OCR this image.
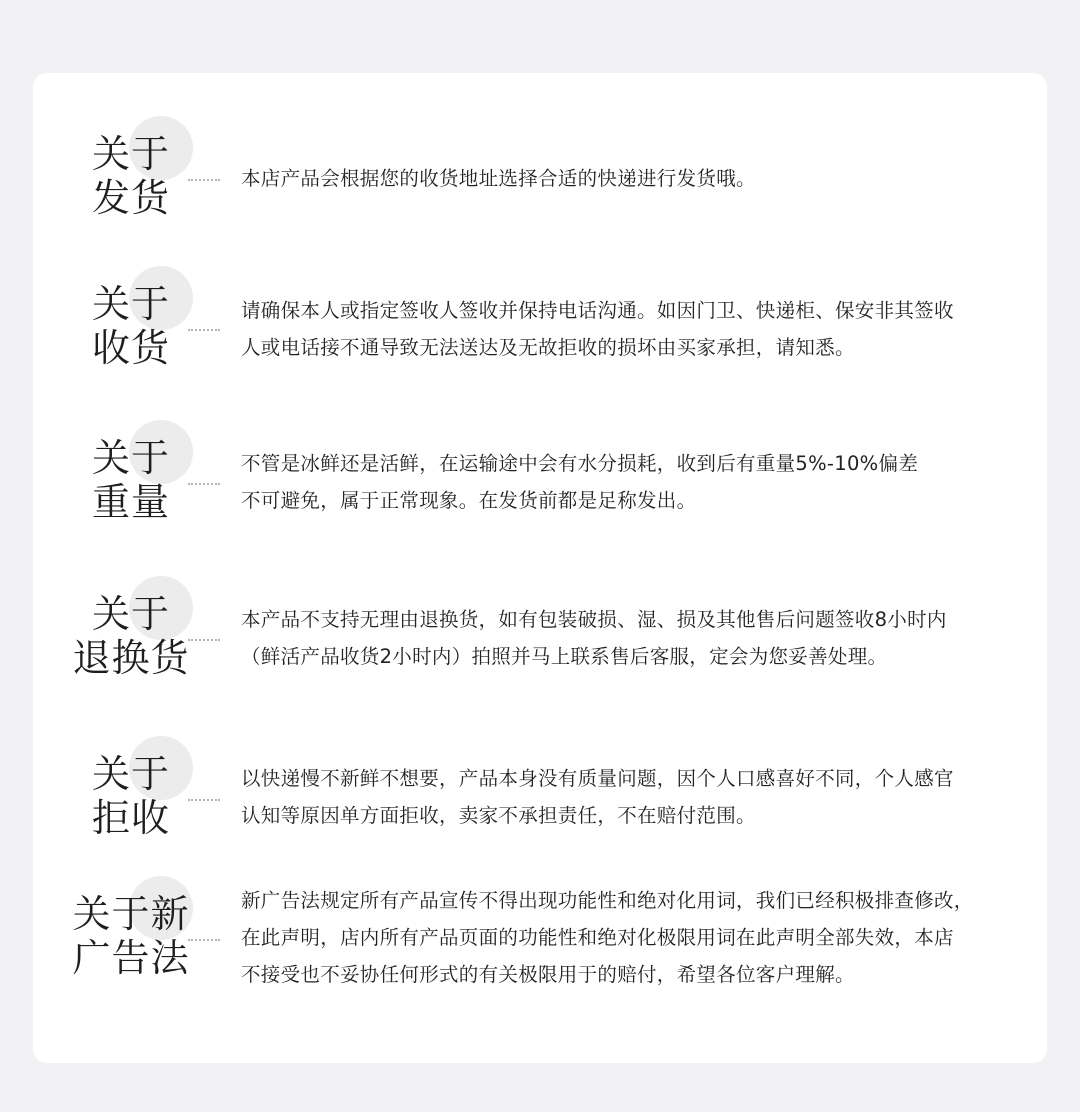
关于
发货	本店产品会根据您的收货地址选择合适的快递进行发货哦。
关于
收货
请确保本人或指定签收人签收并保持电话沟通。如因门卫、快递柜、保安非其签收
人或电话接不通导致无法送达及无故拒收的损坏由买家承担，请知悉。
关于
重量
不管是冰鲜还是活鲜，在运输途中会有水分损耗，收到后有重量5%-10%偏差
不可避免，属于正常现象。在发货前都是足称发出。
关于
退换货
本产品不支持无理由退换货，如有包装破损、湿、损及其他售后问题签收8小时内
（鲜活产品收货2小时内）拍照并马上联系售后客服，定会为您妥善处理。
关于
拒收
以快递慢不新鲜不想要，产品本身没有质量问题，因个人口感喜好不同，个人感官
认知等原因单方面拒收，卖家不承担责任，不在赔付范围。
关于新
广告法
新广告法规定所有产品宣传不得出现功能性和绝对化用词，我们已经积极排查修改，
在此声明，店内所有产品页面的功能性和绝对化极限用词在此声明全部失效，本店
不接受也不妥协任何形式的有关极限用于的赔付，希望各位客户理解。
